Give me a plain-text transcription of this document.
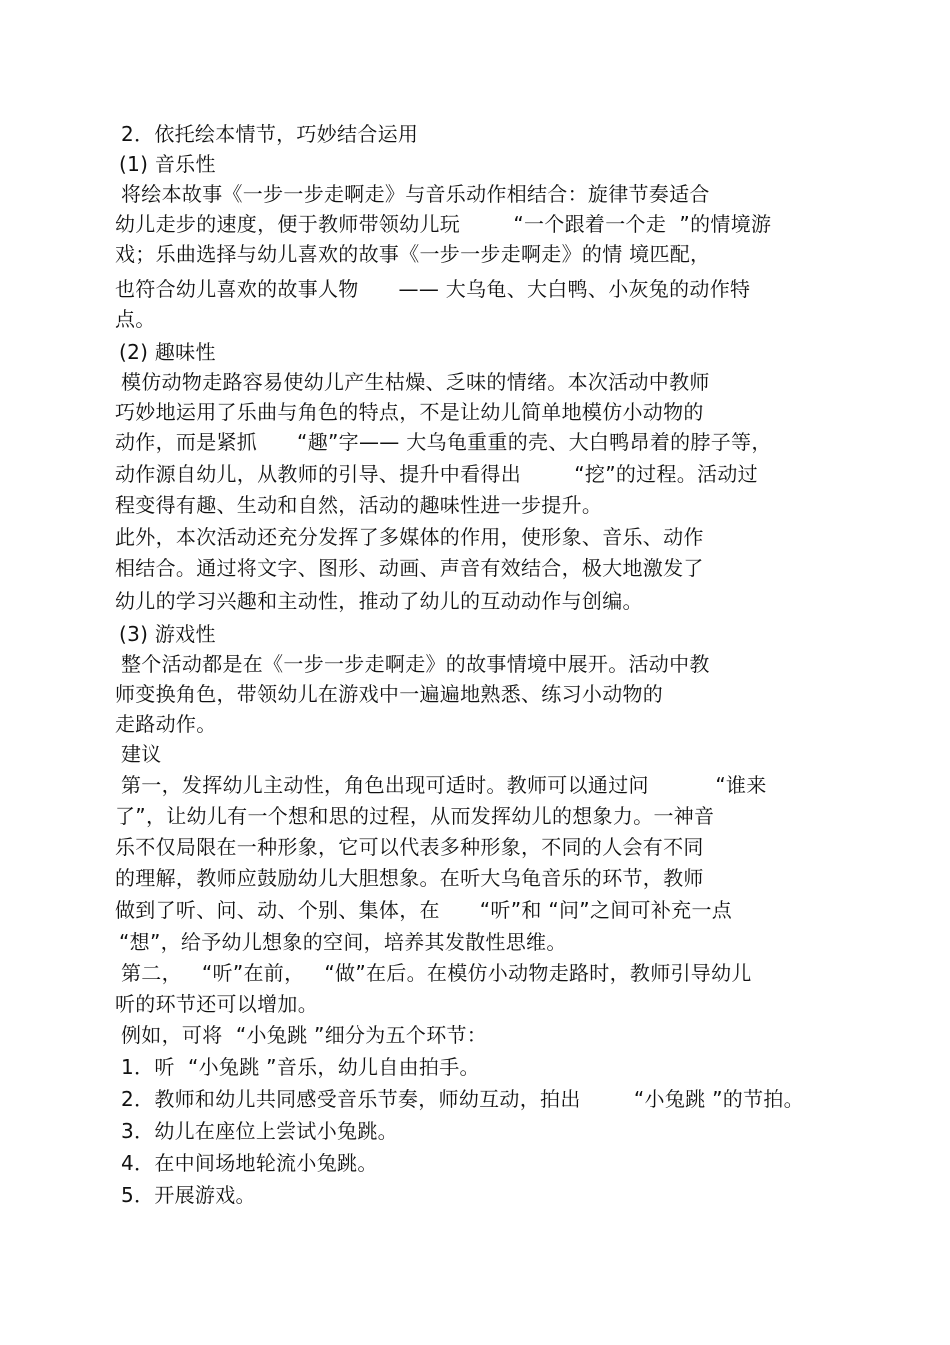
2．依托绘本情节，巧妙结合运用
(1) 音乐性
将绘本故事《一步一步走啊走》与音乐动作相结合：旋律节奏适合
幼儿走步的速度，便于教师带领幼儿玩        “一个跟着一个走  ”的情境游
戏；乐曲选择与幼儿喜欢的故事《一步一步走啊走》的情 境匹配，
也符合幼儿喜欢的故事人物      —— 大乌龟、大白鸭、小灰兔的动作特
点。
(2) 趣味性
模仿动物走路容易使幼儿产生枯燥、乏味的情绪。本次活动中教师
巧妙地运用了乐曲与角色的特点，不是让幼儿简单地模仿小动物的
动作，而是紧抓      “趣”字—— 大乌龟重重的壳、大白鸭昂着的脖子等，
动作源自幼儿，从教师的引导、提升中看得出        “挖”的过程。活动过
程变得有趣、生动和自然，活动的趣味性进一步提升。
此外，本次活动还充分发挥了多媒体的作用，使形象、音乐、动作
相结合。通过将文字、图形、动画、声音有效结合，极大地激发了
幼儿的学习兴趣和主动性，推动了幼儿的互动动作与创编。
(3) 游戏性
整个活动都是在《一步一步走啊走》的故事情境中展开。活动中教
师变换角色，带领幼儿在游戏中一遍遍地熟悉、练习小动物的
走路动作。
建议
第一，发挥幼儿主动性，角色出现可适时。教师可以通过问          “谁来
了”，让幼儿有一个想和思的过程，从而发挥幼儿的想象力。一神音
乐不仅局限在一种形象，它可以代表多种形象，不同的人会有不同
的理解，教师应鼓励幼儿大胆想象。在听大乌龟音乐的环节，教师
做到了听、问、动、个别、集体，在      “听”和 “问”之间可补充一点
“想”，给予幼儿想象的空间，培养其发散性思维。
第二，   “听”在前，   “做”在后。在模仿小动物走路时，教师引导幼儿
听的环节还可以增加。
例如，可将  “小兔跳 ”细分为五个环节：
1．听  “小兔跳 ”音乐，幼儿自由拍手。
2．教师和幼儿共同感受音乐节奏，师幼互动，拍出        “小兔跳 ”的节拍。
3．幼儿在座位上尝试小兔跳。
4．在中间场地轮流小兔跳。
5．开展游戏。
